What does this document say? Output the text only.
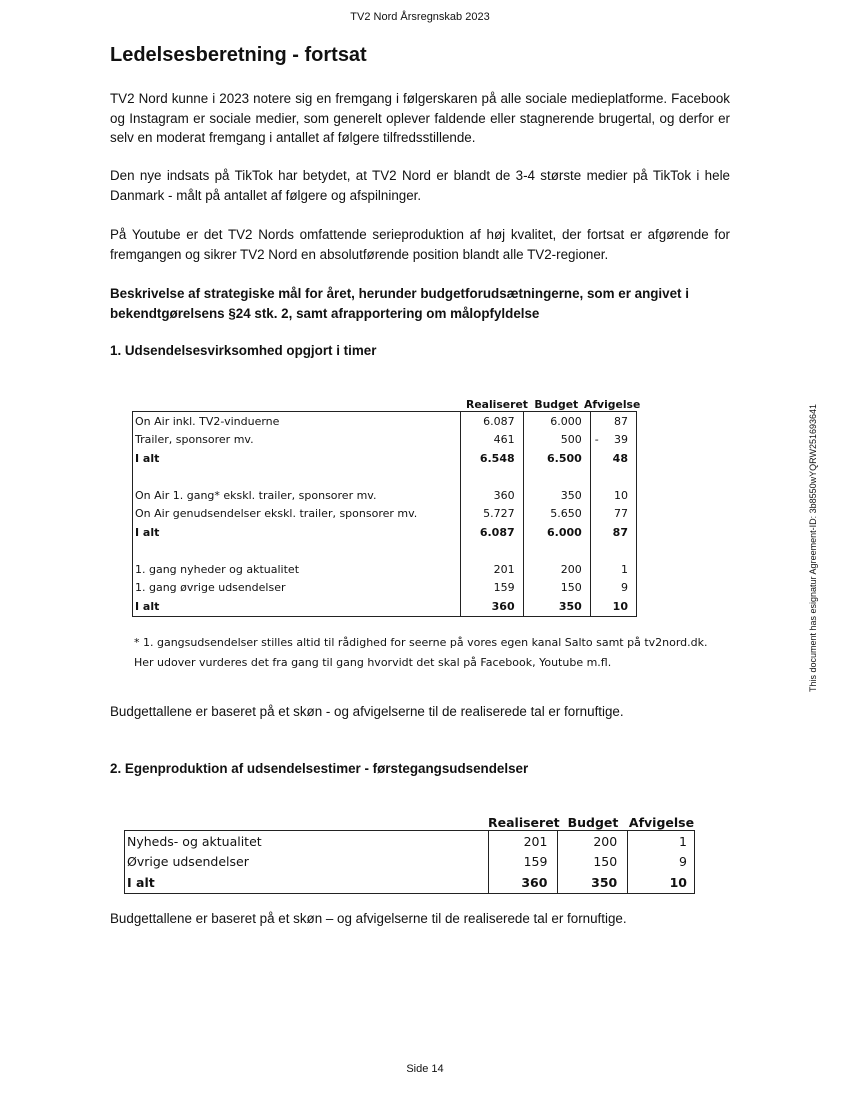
TV2 Nord Årsregnskab 2023
Ledelsesberetning - fortsat

TV2 Nord kunne i 2023 notere sig en fremgang i følgerskaren på alle sociale medieplatforme. Facebook og Instagram er sociale medier, som generelt oplever faldende eller stagnerende brugertal, og derfor er selv en moderat fremgang i antallet af følgere tilfredsstillende.

Den nye indsats på TikTok har betydet, at TV2 Nord er blandt de 3-4 største medier på TikTok i hele Danmark - målt på antallet af følgere og afspilninger.

På Youtube er det TV2 Nords omfattende serieproduktion af høj kvalitet, der fortsat er afgørende for fremgangen og sikrer TV2 Nord en absolutførende position blandt alle TV2-regioner.

Beskrivelse af strategiske mål for året, herunder budgetforudsætningerne, som er angivet i bekendtgørelsens §24 stk. 2, samt afrapportering om målopfyldelse

1. Udsendelsesvirksomhed opgjort i timer
Realiseret Budget Afvigelse
On Air inkl. TV2-vinduerne	6.087	6.000	87
Trailer, sponsorer mv.	461	500	- 39
I alt	6.548	6.500	48
On Air 1. gang* ekskl. trailer, sponsorer mv.	360	350	10
On Air genudsendelser ekskl. trailer, sponsorer mv.	5.727	5.650	77
I alt	6.087	6.000	87
1. gang nyheder og aktualitet	201	200	1
1. gang øvrige udsendelser	159	150	9
I alt	360	350	10

* 1. gangsudsendelser stilles altid til rådighed for seerne på vores egen kanal Salto samt på tv2nord.dk.

Her udover vurderes det fra gang til gang hvorvidt det skal på Facebook, Youtube m.fl.

Budgettallene er baseret på et skøn - og afvigelserne til de realiserede tal er fornuftige.

2. Egenproduktion af udsendelsestimer - førstegangsudsendelser
Realiseret Budget Afvigelse
Nyheds- og aktualitet	201	200	1
Øvrige udsendelser	159	150	9
I alt	360	350	10

Budgettallene er baseret på et skøn – og afvigelserne til de realiserede tal er fornuftige.

Side 14
This document has esignatur Agreement-ID: 3b8550wYQRW251693641
